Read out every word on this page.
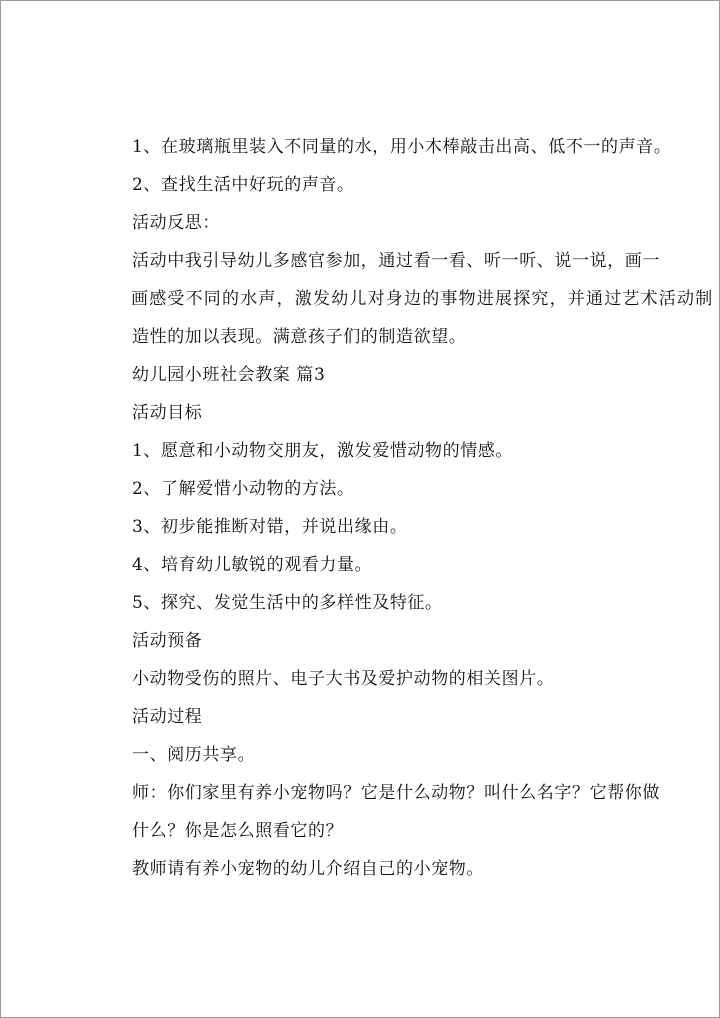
1、在玻璃瓶里装入不同量的水，用小木棒敲击出高、低不一的声音。

2、查找生活中好玩的声音。

活动反思：

活动中我引导幼儿多感官参加，通过看一看、听一听、说一说，画一

画感受不同的水声，激发幼儿对身边的事物进展探究，并通过艺术活动制

造性的加以表现。满意孩子们的制造欲望。

幼儿园小班社会教案 篇3

活动目标

1、愿意和小动物交朋友，激发爱惜动物的情感。

2、了解爱惜小动物的方法。

3、初步能推断对错，并说出缘由。

4、培育幼儿敏锐的观看力量。

5、探究、发觉生活中的多样性及特征。

活动预备

小动物受伤的照片、电子大书及爱护动物的相关图片。

活动过程

一、阅历共享。

师：你们家里有养小宠物吗？它是什么动物？叫什么名字？它帮你做

什么？你是怎么照看它的？

教师请有养小宠物的幼儿介绍自己的小宠物。
